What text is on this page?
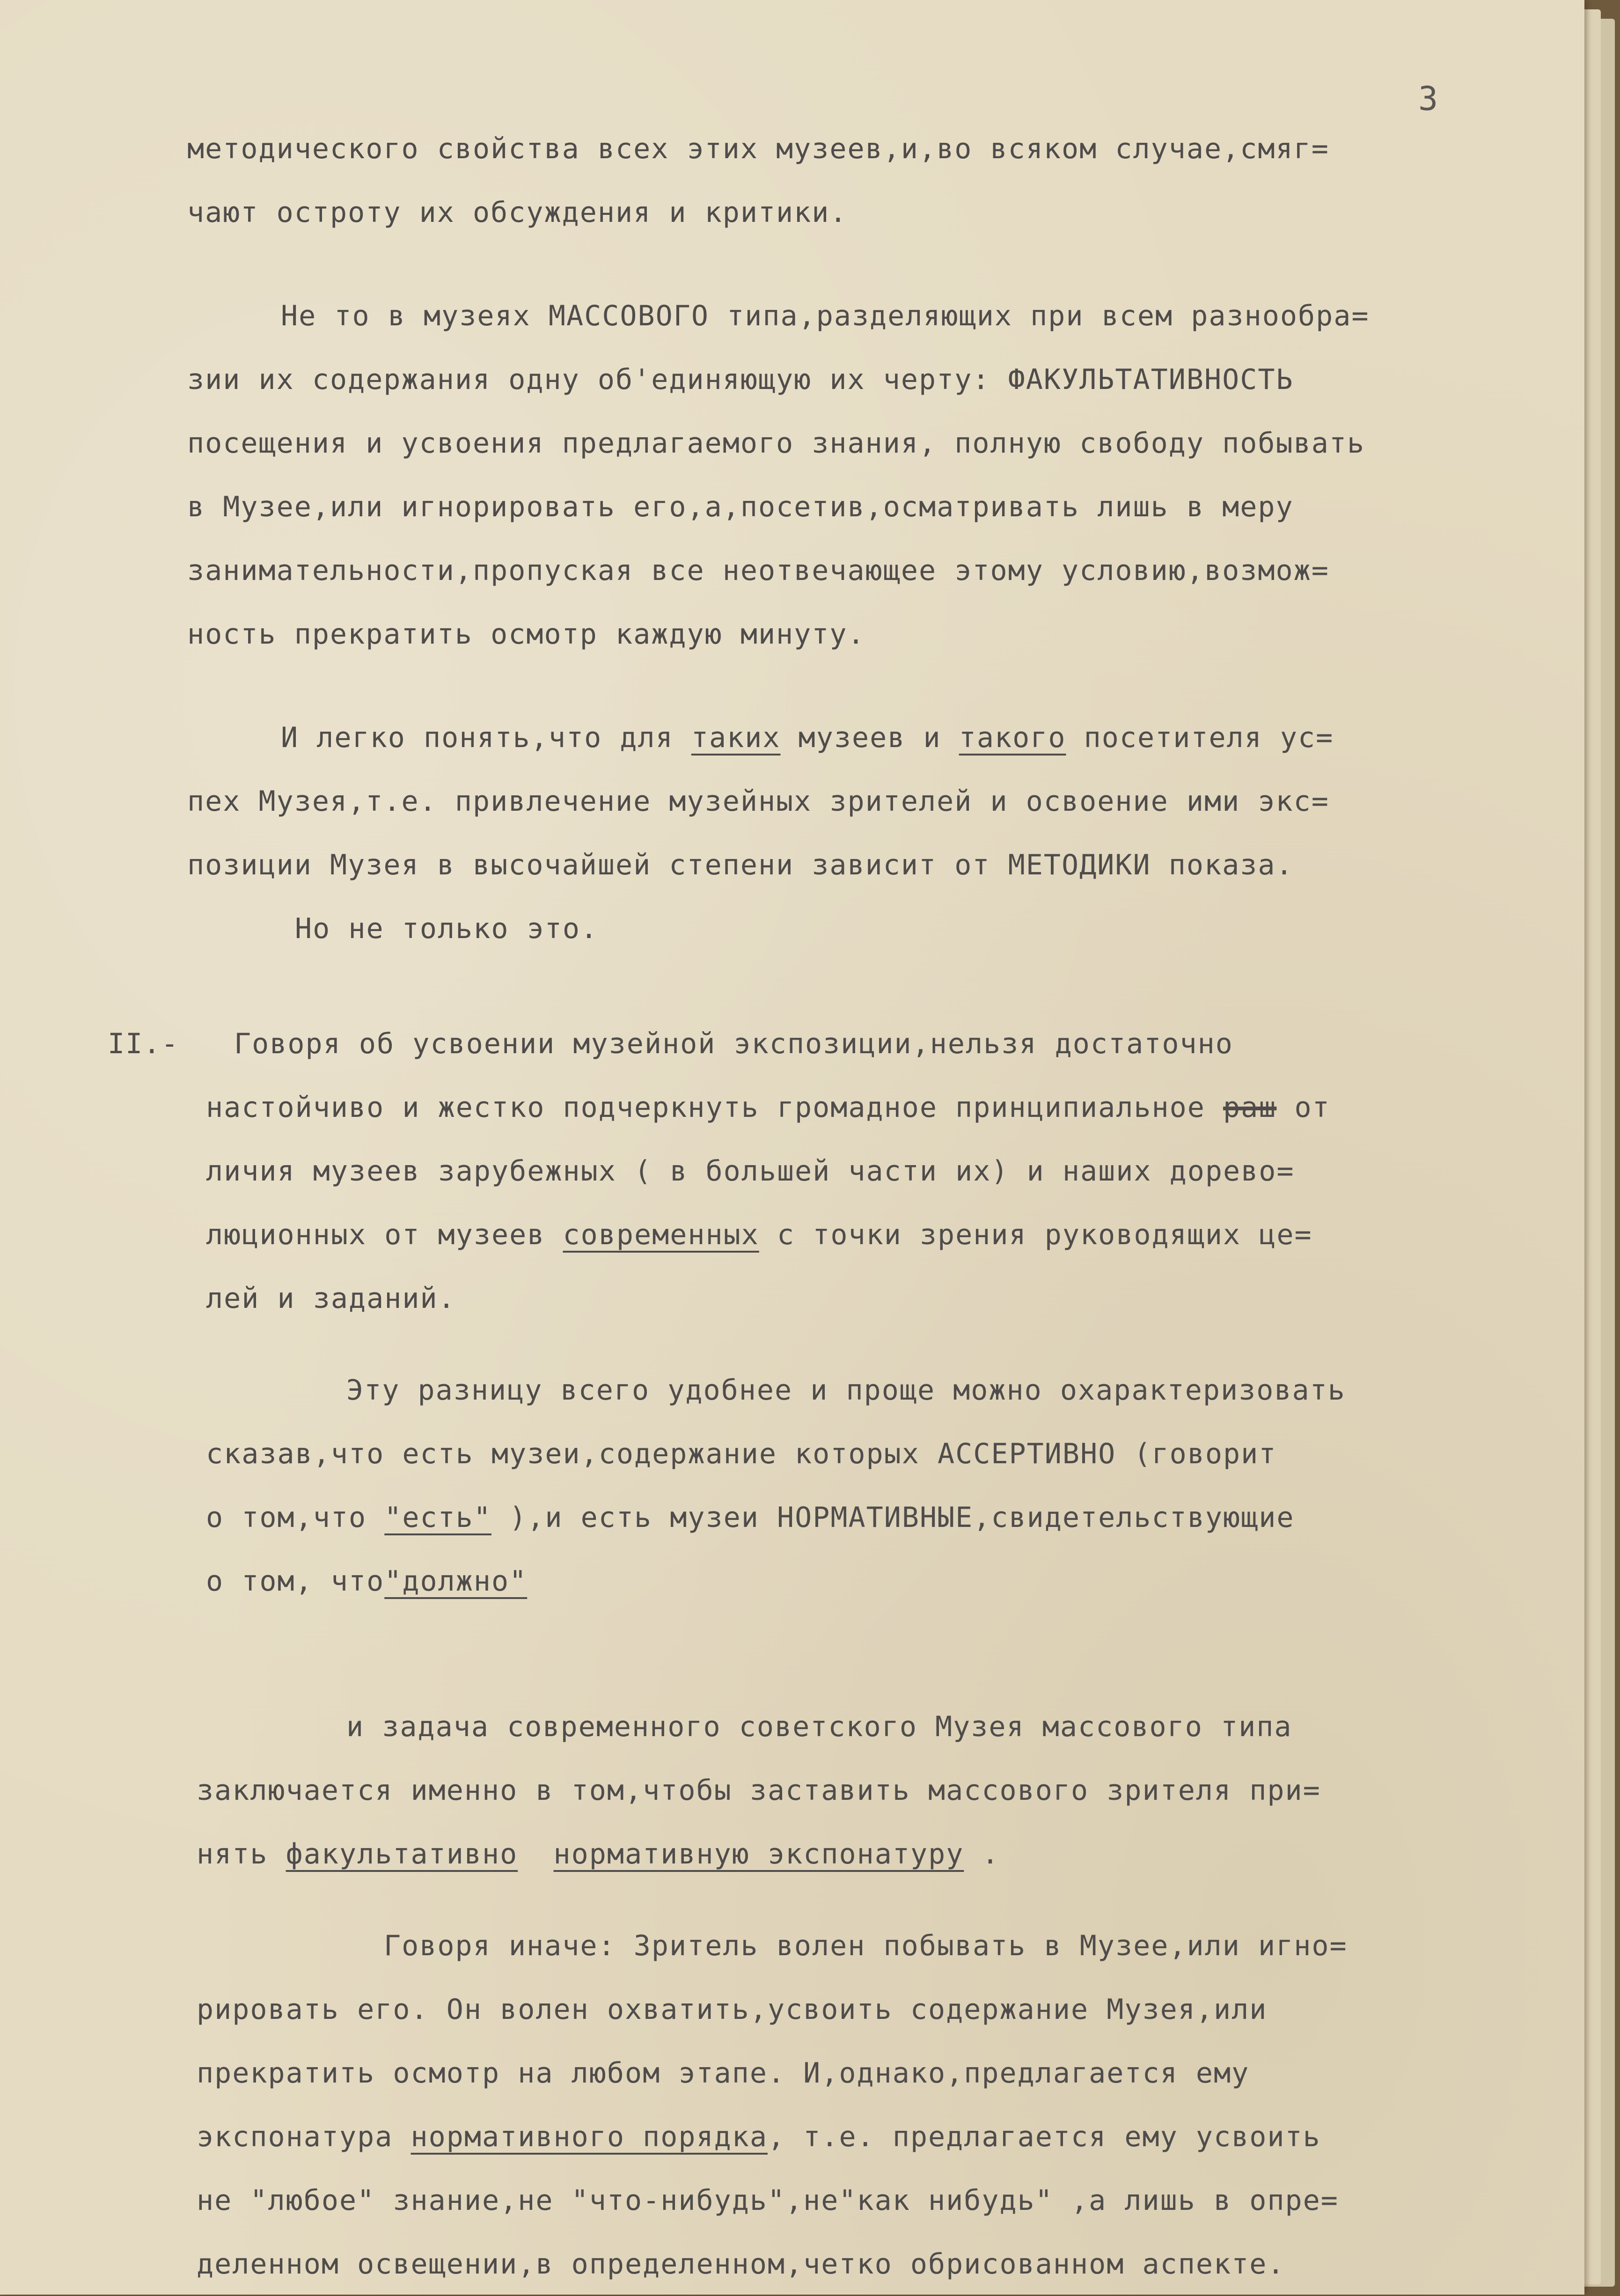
3
методического свойства всех этих музеев,и,во всяком случае,смяг=
чают остроту их обсуждения и критики.
Не то в музеях МАССОВОГО типа,разделяющих при всем разнообра=
зии их содержания одну об'единяющую их черту: ФАКУЛЬТАТИВНОСТЬ
посещения и усвоения предлагаемого знания, полную свободу побывать
в Музее,или игнорировать его,а,посетив,осматривать лишь в меру
занимательности,пропуская все неотвечающее этому условию,возмож=
ность прекратить осмотр каждую минуту.
И легко понять,что для таких музеев и такого посетителя ус=
пех Музея,т.е. привлечение музейных зрителей и освоение ими экс=
позиции Музея в высочайшей степени зависит от МЕТОДИКИ показа.
Но не только это.
II.-	Говоря об усвоении музейной экспозиции,нельзя достаточно
настойчиво и жестко подчеркнуть громадное принципиальное раш от
личия музеев зарубежных ( в большей части их) и наших дорево=
люционных от музеев современных с точки зрения руководящих це=
лей и заданий.
Эту разницу всего удобнее и проще можно охарактеризовать
сказав,что есть музеи,содержание которых АССЕРТИВНО (говорит
о том,что "есть" ),и есть музеи НОРМАТИВНЫЕ,свидетельствующие
о том, что"должно"
и задача современного советского Музея массового типа
заключается именно в том,чтобы заставить массового зрителя при=
нять факультативно нормативную экспонатуру .
Говоря иначе: Зритель волен побывать в Музее,или игно=
рировать его. Он волен охватить,усвоить содержание Музея,или
прекратить осмотр на любом этапе. И,однако,предлагается ему
экспонатура нормативного порядка, т.е. предлагается ему усвоить
не "любое" знание,не "что-нибудь",не"как нибудь" ,а лишь в опре=
деленном освещении,в определенном,четко обрисованном аспекте.
